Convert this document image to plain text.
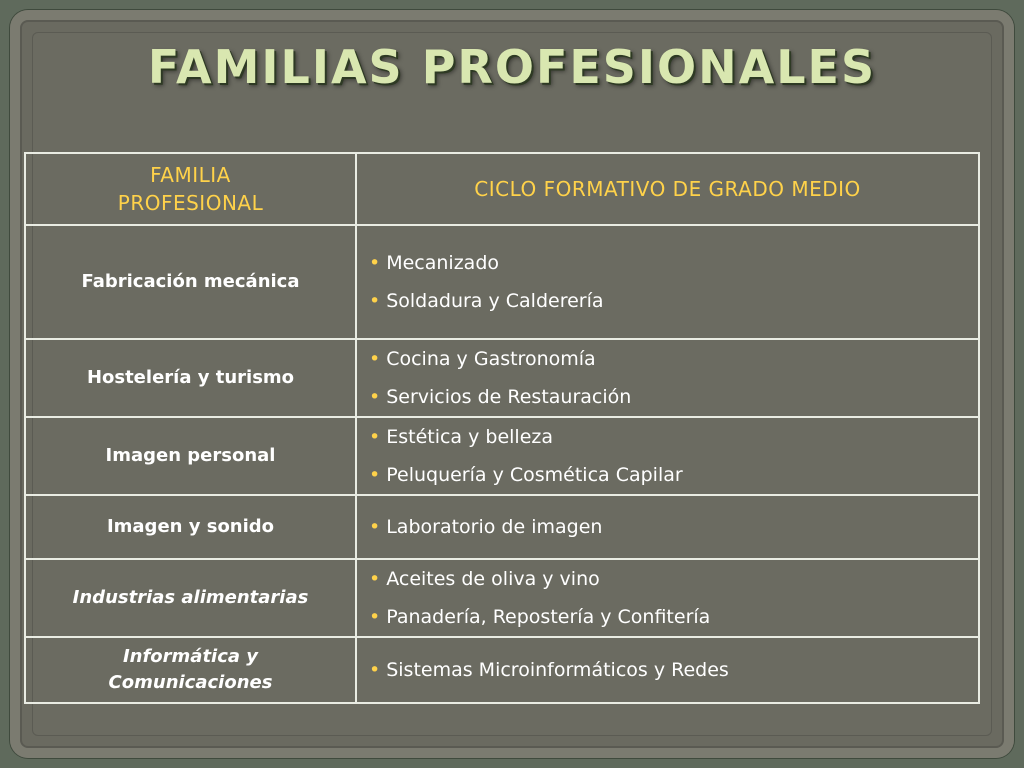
FAMILIAS PROFESIONALES
FAMILIA PROFESIONAL	CICLO FORMATIVO DE GRADO MEDIO
Fabricación mecánica	• Mecanizado
• Soldadura y Calderería

Hostelería y turismo	• Cocina y Gastronomía
• Servicios de Restauración

Imagen personal	• Estética y belleza
• Peluquería y Cosmética Capilar

Imagen y sonido	• Laboratorio de imagen

Industrias alimentarias	• Aceites de oliva y vino
• Panadería, Repostería y Confitería

Informática y Comunicaciones	• Sistemas Microinformáticos y Redes
